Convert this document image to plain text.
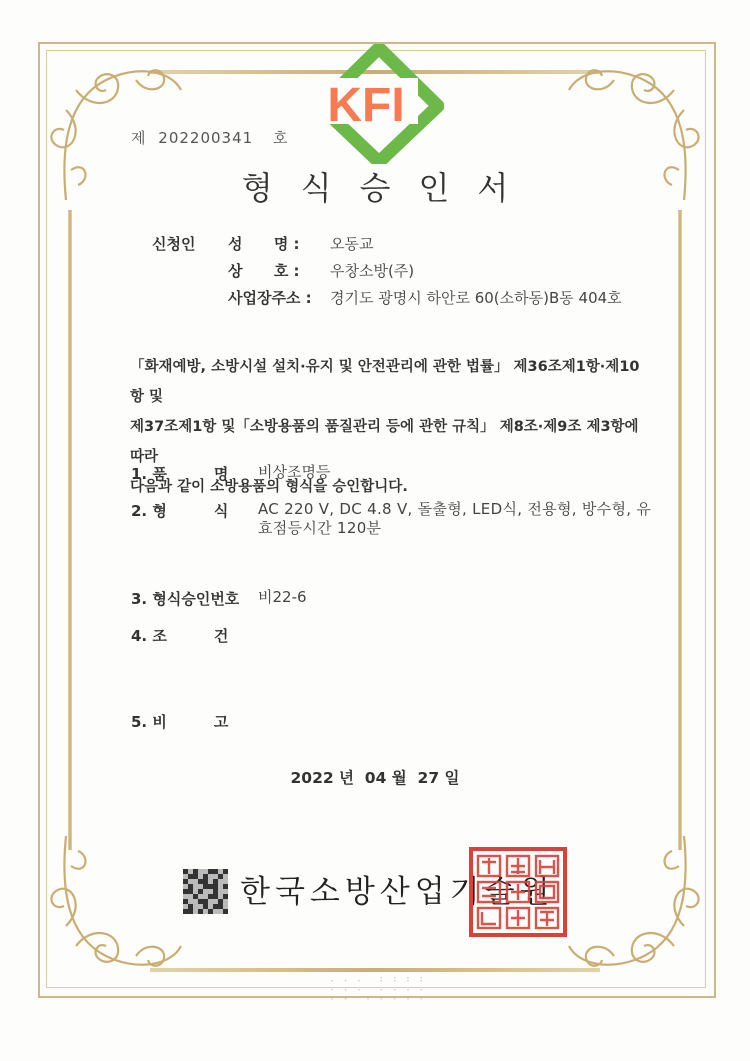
KFI
제 202200341 호
형식승인서
신청인 성      명 : 오동교
상      호 : 우창소방(주)
사업장주소 : 경기도 광명시 하안로 60(소하동)B동 404호
「화재예방, 소방시설 설치·유지 및 안전관리에 관한 법률」 제36조제1항·제10항 및
제37조제1항 및「소방용품의 품질관리 등에 관한 규칙」 제8조·제9조 제3항에 따라
다음과 같이 소방용품의 형식을 승인합니다.
1. 품         명 비상조명등
2. 형         식 AC 220 V, DC 4.8 V, 돌출형, LED식, 전용형, 방수형, 유
효점등시간 120분
3. 형식승인번호 비22-6
4. 조         건
5. 비         고
2022 년  04 월  27 일
한국소방산업기술원
⠂⠂⠂ ⠃⠃⠃⠃
⠂⠂⠂ ⠂⠂⠂⠂
⠂⠂ ⠂⠂⠂⠂⠂
